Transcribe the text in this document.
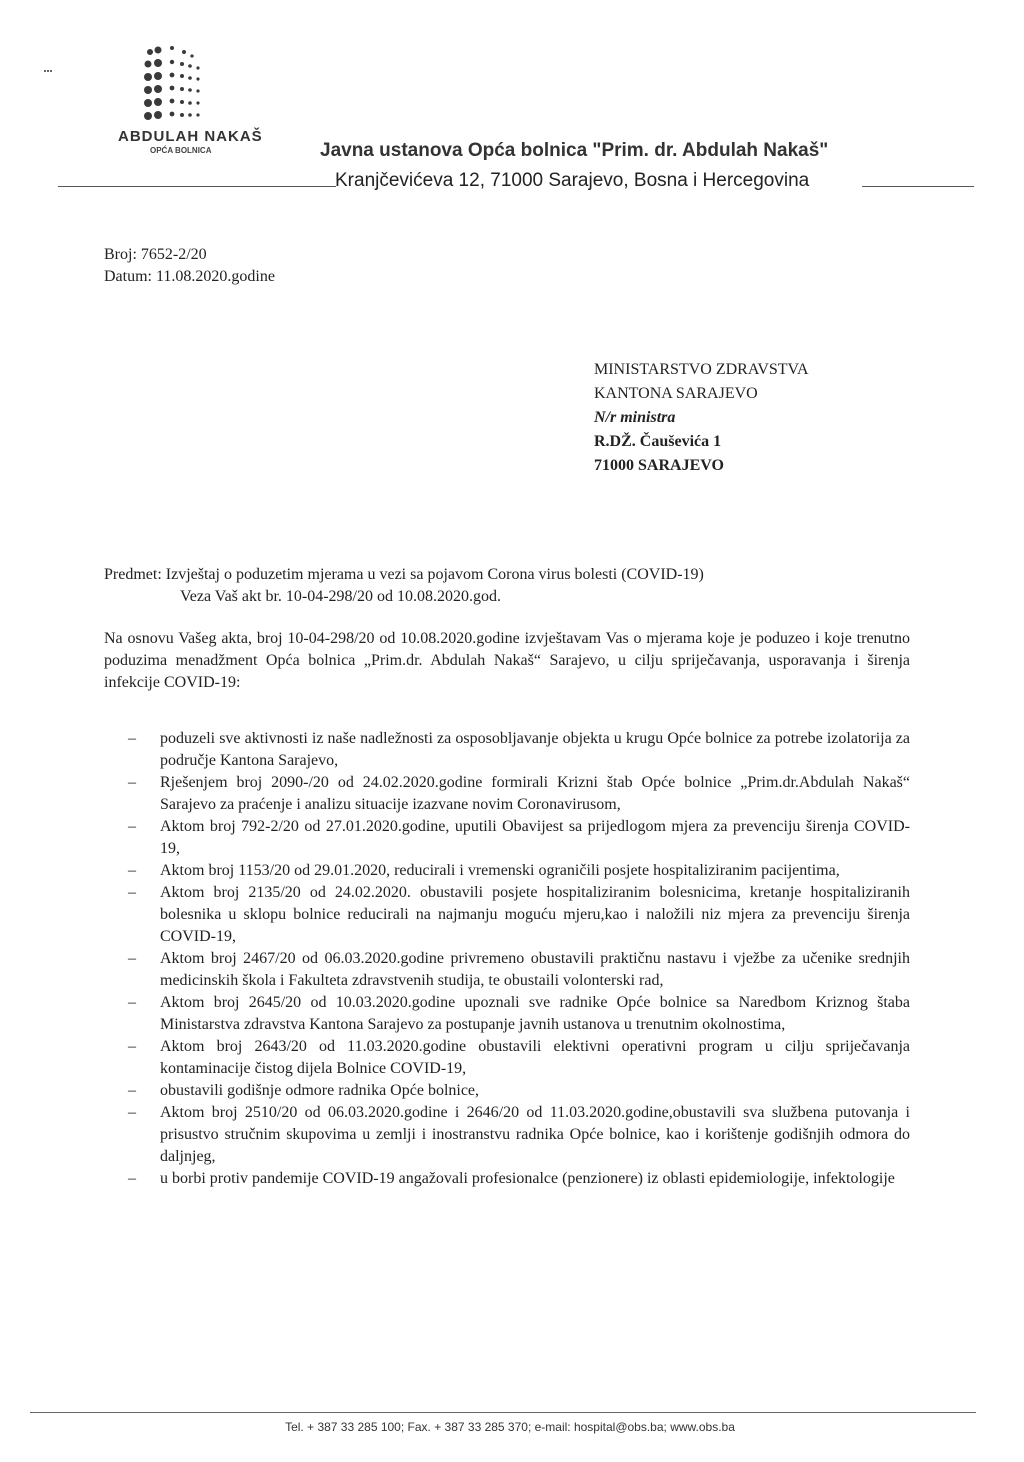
ABDULAH NAKAŠ
OPĆA BOLNICA	Javna ustanova Opća bolnica "Prim. dr. Abdulah Nakaš"
Kranjčevićeva 12, 71000 Sarajevo, Bosna i Hercegovina
Broj: 7652-2/20
Datum: 11.08.2020.godine
MINISTARSTVO ZDRAVSTVA
KANTONA SARAJEVO
N/r ministra
R.DŽ. Čauševića 1
71000 SARAJEVO
Predmet: Izvještaj o poduzetim mjerama u vezi sa pojavom Corona virus bolesti (COVID-19)
Veza Vaš akt br. 10-04-298/20 od 10.08.2020.god.
Na osnovu Vašeg akta, broj 10-04-298/20 od 10.08.2020.godine izvještavam Vas o mjerama koje je poduzeo i koje trenutno poduzima menadžment Opća bolnica „Prim.dr. Abdulah Nakaš“ Sarajevo, u cilju spriječavanja, usporavanja i širenja infekcije COVID-19:
– poduzeli sve aktivnosti iz naše nadležnosti za osposobljavanje objekta u krugu Opće bolnice za potrebe izolatorija za područje Kantona Sarajevo,
– Rješenjem broj 2090-/20 od 24.02.2020.godine formirali Krizni štab Opće bolnice „Prim.dr.Abdulah Nakaš“ Sarajevo za praćenje i analizu situacije izazvane novim Coronavirusom,
– Aktom broj 792-2/20 od 27.01.2020.godine, uputili Obavijest sa prijedlogom mjera za prevenciju širenja COVID-19,
– Aktom broj 1153/20 od 29.01.2020, reducirali i vremenski ograničili posjete hospitaliziranim pacijentima,
– Aktom broj 2135/20 od 24.02.2020. obustavili posjete hospitaliziranim bolesnicima, kretanje hospitaliziranih bolesnika u sklopu bolnice reducirali na najmanju moguću mjeru,kao i naložili niz mjera za prevenciju širenja COVID-19,
– Aktom broj 2467/20 od 06.03.2020.godine privremeno obustavili praktičnu nastavu i vježbe za učenike srednjih medicinskih škola i Fakulteta zdravstvenih studija, te obustaili volonterski rad,
– Aktom broj 2645/20 od 10.03.2020.godine upoznali sve radnike Opće bolnice sa Naredbom Kriznog štaba Ministarstva zdravstva Kantona Sarajevo za postupanje javnih ustanova u trenutnim okolnostima,
– Aktom broj 2643/20 od 11.03.2020.godine obustavili elektivni operativni program u cilju spriječavanja kontaminacije čistog dijela Bolnice COVID-19,
– obustavili godišnje odmore radnika Opće bolnice,
– Aktom broj 2510/20 od 06.03.2020.godine i 2646/20 od 11.03.2020.godine,obustavili sva službena putovanja i prisustvo stručnim skupovima u zemlji i inostranstvu radnika Opće bolnice, kao i korištenje godišnjih odmora do daljnjeg,
– u borbi protiv pandemije COVID-19 angažovali profesionalce (penzionere) iz oblasti epidemiologije, infektologije
Tel. + 387 33 285 100; Fax. + 387 33 285 370; e-mail: hospital@obs.ba; www.obs.ba
